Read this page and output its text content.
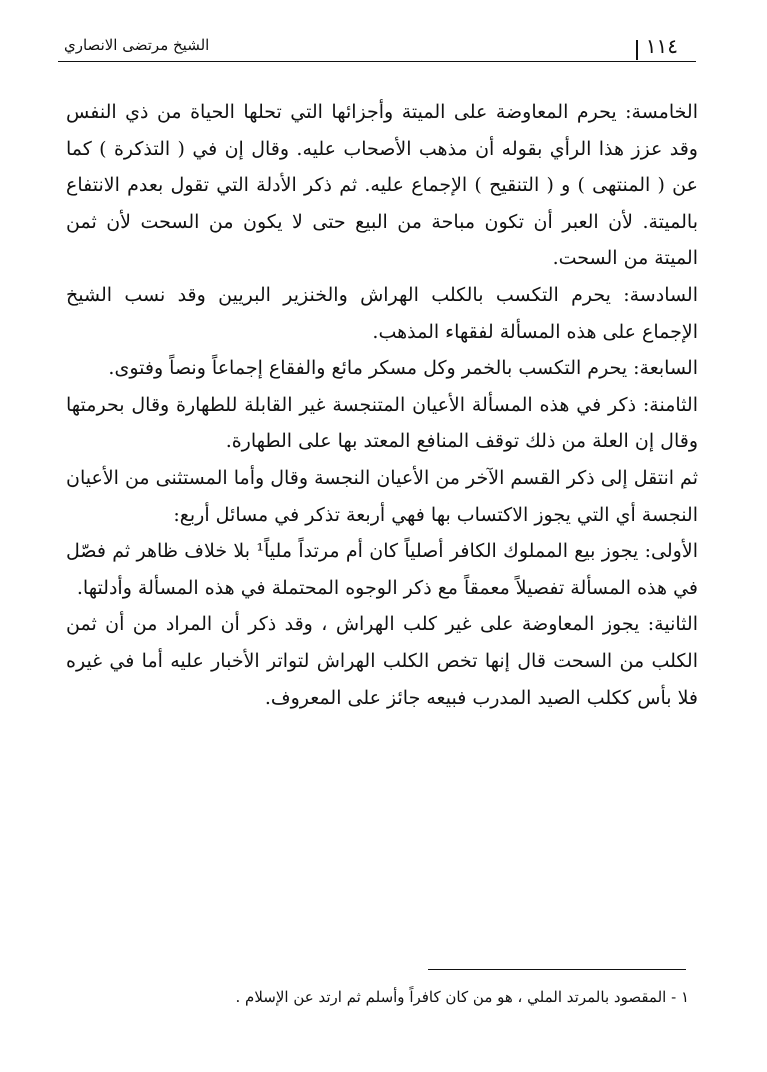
الشيخ مرتضى الانصاري	١١٤

الخامسة: يحرم المعاوضة على الميتة وأجزائها التي تحلها الحياة من ذي النفس وقد عزز هذا الرأي بقوله أن مذهب الأصحاب عليه. وقال إن في ( التذكرة ) كما عن ( المنتهى ) و ( التنقيح ) الإجماع عليه. ثم ذكر الأدلة التي تقول بعدم الانتفاع بالميتة. لأن العبر أن تكون مباحة من البيع حتى لا يكون من السحت لأن ثمن الميتة من السحت.

السادسة: يحرم التكسب بالكلب الهراش والخنزير البريين وقد نسب الشيخ الإجماع على هذه المسألة لفقهاء المذهب.

السابعة: يحرم التكسب بالخمر وكل مسكر مائع والفقاع إجماعاً ونصاً وفتوى.

الثامنة: ذكر في هذه المسألة الأعيان المتنجسة غير القابلة للطهارة وقال بحرمتها وقال إن العلة من ذلك توقف المنافع المعتد بها على الطهارة.

ثم انتقل إلى ذكر القسم الآخر من الأعيان النجسة وقال وأما المستثنى من الأعيان النجسة أي التي يجوز الاكتساب بها فهي أربعة تذكر في مسائل أربع:

الأولى: يجوز بيع المملوك الكافر أصلياً كان أم مرتداً ملياً¹ بلا خلاف ظاهر ثم فصّل في هذه المسألة تفصيلاً معمقاً مع ذكر الوجوه المحتملة في هذه المسألة وأدلتها.

الثانية: يجوز المعاوضة على غير كلب الهراش ، وقد ذكر أن المراد من أن ثمن الكلب من السحت قال إنها تخص الكلب الهراش لتواتر الأخبار عليه أما في غيره فلا بأس ككلب الصيد المدرب فبيعه جائز على المعروف.

١ - المقصود بالمرتد الملي ، هو من كان كافراً وأسلم ثم ارتد عن الإسلام .
